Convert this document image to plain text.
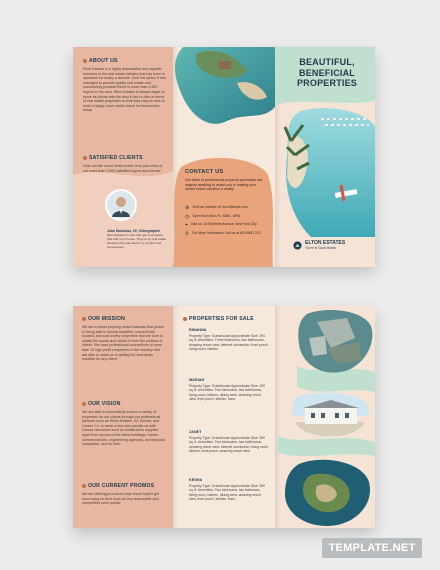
ABOUT US

Elton Estates is a highly dependable and capable business in the real estate industry that has been in operation for nearly a decade. Over the years, it has managed to provide quality real estate and successfully promote these to more than 2,500 buyers in the area. Elton Estates is always eager to serve its clients with the best it has to offer in terms of real estate properties so that they may be able to build a happy, more stable future for themselves today.

SATISFIED CLIENTS

Hear out the recent testimonials from just a few of our more than 2,500 satisfied buyers and clients!

John Monokan, 29, Videographer

Elton Estates is more than just a company that sold me a house. They're my real estate advisors who care about my comfort and convenience.

CONTACT US

Our team of professional property specialists are eagerly awaiting to assist you in making your dream resort vacation a reality!

⊕ Visit our website at YourWebsite.com
◷ Open from Mon-Fri, 8AM - 5PM
⌖ Visit us: 18 Elytherin Avenue, New York City
✆ For More Information Call us at 619 4881 222
BEAUTIFUL, BENEFICIAL PROPERTIES
ELTON ESTATES
You're in Good Hands
OUR MISSION

We are a resort property rental business that prides in being able to secure beautiful, conveniently located, and cost worthy properties that are sure to satisfy the wants and needs of even the pickiest of clients. We have professional connections to more than 10 high profit companies in the industry who are able to assist us in getting the best deals possible for any client!

OUR VISION

We are able to successfully secure a variety of properties for our clients through our professional partners such as Rick's Estates, EZ Homes, and Career Co. to name a few who provide us with various resources such as construction supplies apart from access to the latest buildings, homes, commercial lots, engineering agencies, architectural companies, and so forth.

OUR CURRENT PROMOS

We are offering promos to help resort buyers get more bang for their buck at very reasonable and competitive price points!

PROPERTIES FOR SALE
RIHANNA

Property Type: Guesthouse Approximate Size: 290 sq. ft. Amenities: Three bedrooms, two bathrooms, amazing resort view, internet connection, front porch, living room, kitchen.

MARIAH

Property Type: Guesthouse Approximate Size: 290 sq. ft. Amenities: Two bedrooms, two bathrooms, living room, kitchen, dining area, amazing resort view, front porch, kitchen, bars.

JANET

Property Type: Guesthouse Approximate Size: 290 sq. ft. Amenities: Two bedrooms, two bathrooms, amazing resort view, internet connection, living room, kitchen, front porch, amazing resort view.

KESHA

Property Type: Guesthouse Approximate Size: 290 sq. ft. Amenities: Two bedrooms, two bathroom, living room, kitchen, dining area, amazing resort view, front porch, kitchen, bars.

TEMPLATE.NET
